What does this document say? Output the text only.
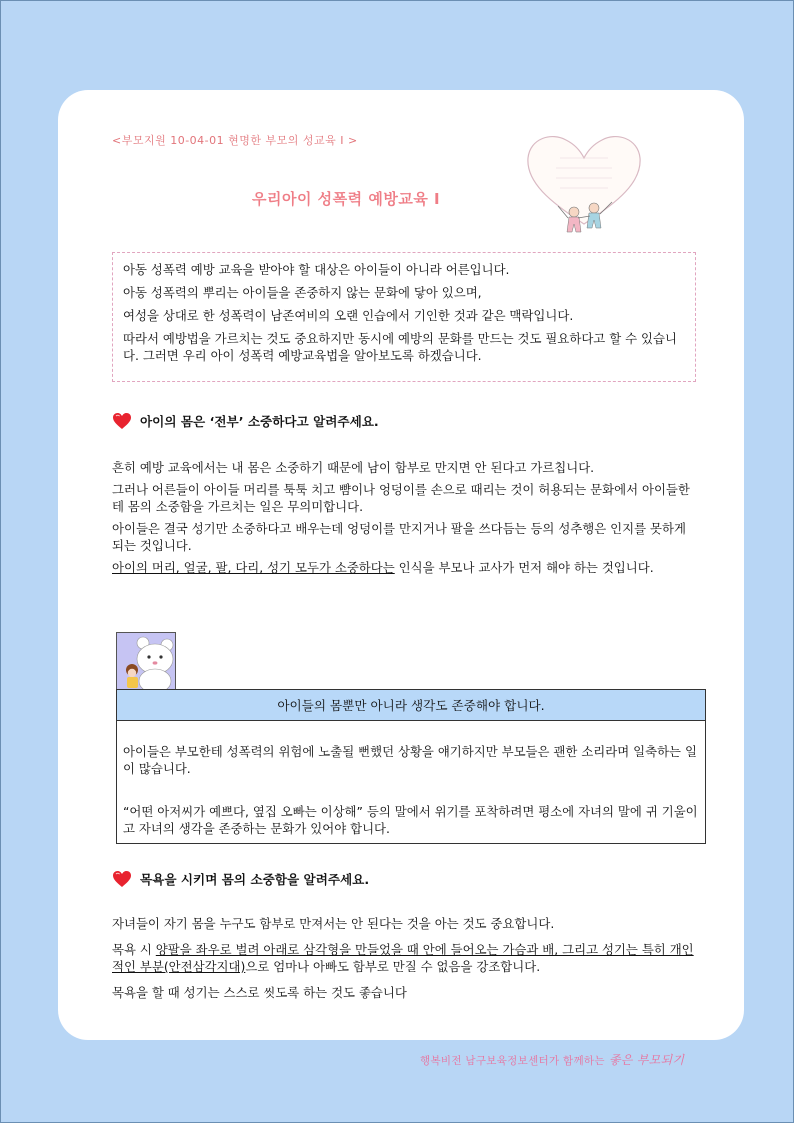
<부모지원 10-04-01 현명한 부모의 성교육 I >
우리아이 성폭력 예방교육 I

아동 성폭력 예방 교육을 받아야 할 대상은 아이들이 아니라 어른입니다.

아동 성폭력의 뿌리는 아이들을 존중하지 않는 문화에 닿아 있으며,

여성을 상대로 한 성폭력이 남존여비의 오랜 인습에서 기인한 것과 같은 맥락입니다.

따라서 예방법을 가르치는 것도 중요하지만 동시에 예방의 문화를 만드는 것도 필요하다고 할 수 있습니다. 그러면 우리 아이 성폭력 예방교육법을 알아보도록 하겠습니다.

아이의 몸은 ‘전부’ 소중하다고 알려주세요.

흔히 예방 교육에서는 내 몸은 소중하기 때문에 남이 함부로 만지면 안 된다고 가르칩니다.

그러나 어른들이 아이들 머리를 툭툭 치고 뺨이나 엉덩이를 손으로 때리는 것이 허용되는 문화에서 아이들한테 몸의 소중함을 가르치는 일은 무의미합니다.

아이들은 결국 성기만 소중하다고 배우는데 엉덩이를 만지거나 팔을 쓰다듬는 등의 성추행은 인지를 못하게 되는 것입니다.

아이의 머리, 얼굴, 팔, 다리, 성기 모두가 소중하다는 인식을 부모나 교사가 먼저 해야 하는 것입니다.

아이들의 몸뿐만 아니라 생각도 존중해야 합니다.

아이들은 부모한테 성폭력의 위험에 노출될 뻔했던 상황을 얘기하지만 부모들은 괜한 소리라며 일축하는 일이 많습니다.

“어떤 아저씨가 예쁘다, 옆집 오빠는 이상해” 등의 말에서 위기를 포착하려면 평소에 자녀의 말에 귀 기울이고 자녀의 생각을 존중하는 문화가 있어야 합니다.

목욕을 시키며 몸의 소중함을 알려주세요.

자녀들이 자기 몸을 누구도 함부로 만져서는 안 된다는 것을 아는 것도 중요합니다.

목욕 시 양팔을 좌우로 벌려 아래로 삼각형을 만들었을 때 안에 들어오는 가슴과 배, 그리고 성기는 특히 개인적인 부분(안전삼각지대)으로 엄마나 아빠도 함부로 만질 수 없음을 강조합니다.

목욕을 할 때 성기는 스스로 씻도록 하는 것도 좋습니다

행복비전 남구보육정보센터가 함께하는 좋은 부모되기
